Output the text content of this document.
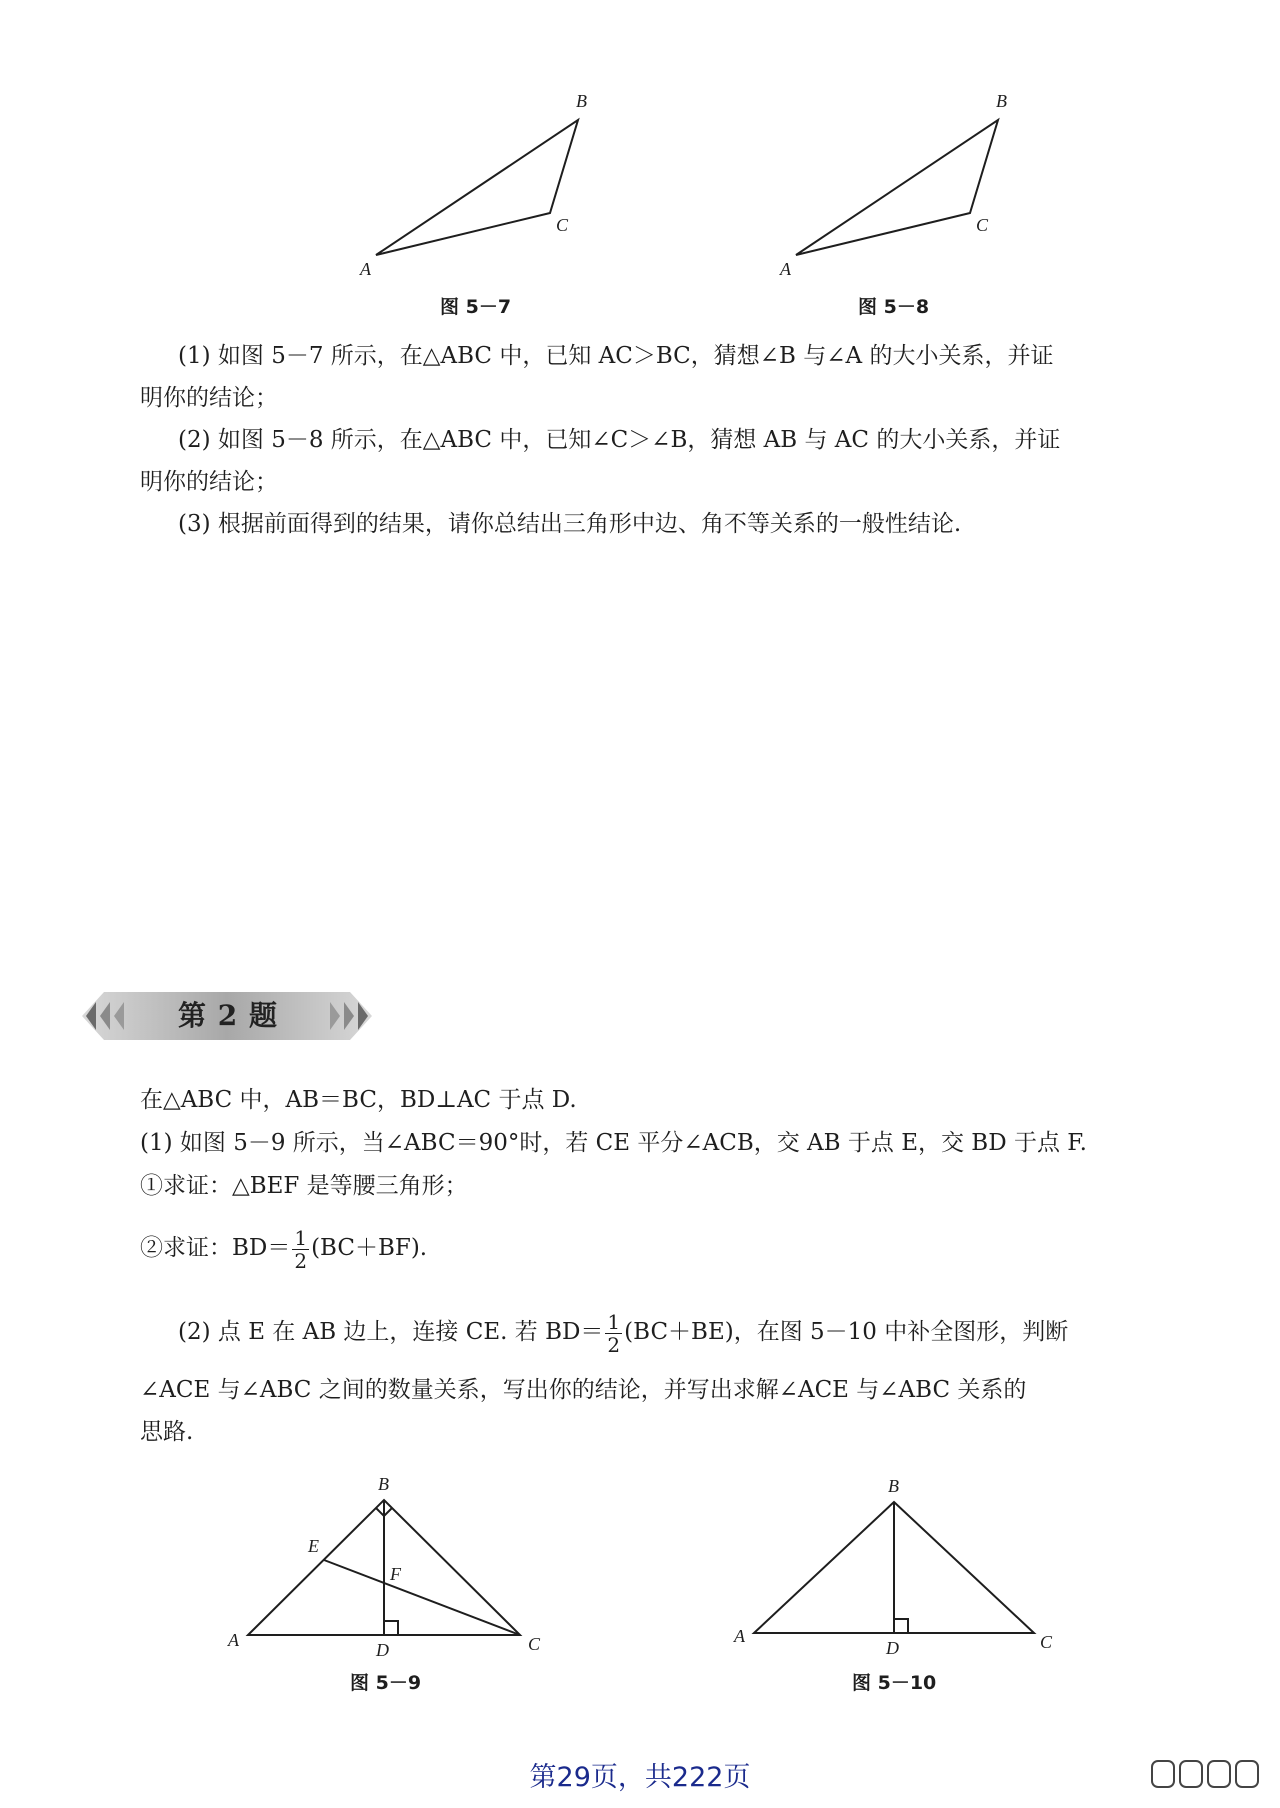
A
B
C
图 5－7
A
B
C
图 5－8
(1) 如图 5－7 所示，在△ABC 中，已知 AC＞BC，猜想∠B 与∠A 的大小关系，并证
明你的结论；
(2) 如图 5－8 所示，在△ABC 中，已知∠C＞∠B，猜想 AB 与 AC 的大小关系，并证
明你的结论；
(3) 根据前面得到的结果，请你总结出三角形中边、角不等关系的一般性结论.
第 2 题
在△ABC 中，AB＝BC，BD⊥AC 于点 D.
(1) 如图 5－9 所示，当∠ABC＝90°时，若 CE 平分∠ACB，交 AB 于点 E，交 BD 于点 F.
①求证：△BEF 是等腰三角形；
②求证：$BD= \frac{1}{2} (BC+BF)$.
(2) 点 E 在 AB 边上，连接 CE. 若 $BD= \frac{1}{2} (BC+BE)$，在图 5－10 中补全图形，判断
∠ACE 与∠ABC 之间的数量关系，写出你的结论，并写出求解∠ACE 与∠ABC 关系的
思路.
A
B
C
D
E
F
图 5－9
A
B
C
D
图 5－10
第29页，共222页
